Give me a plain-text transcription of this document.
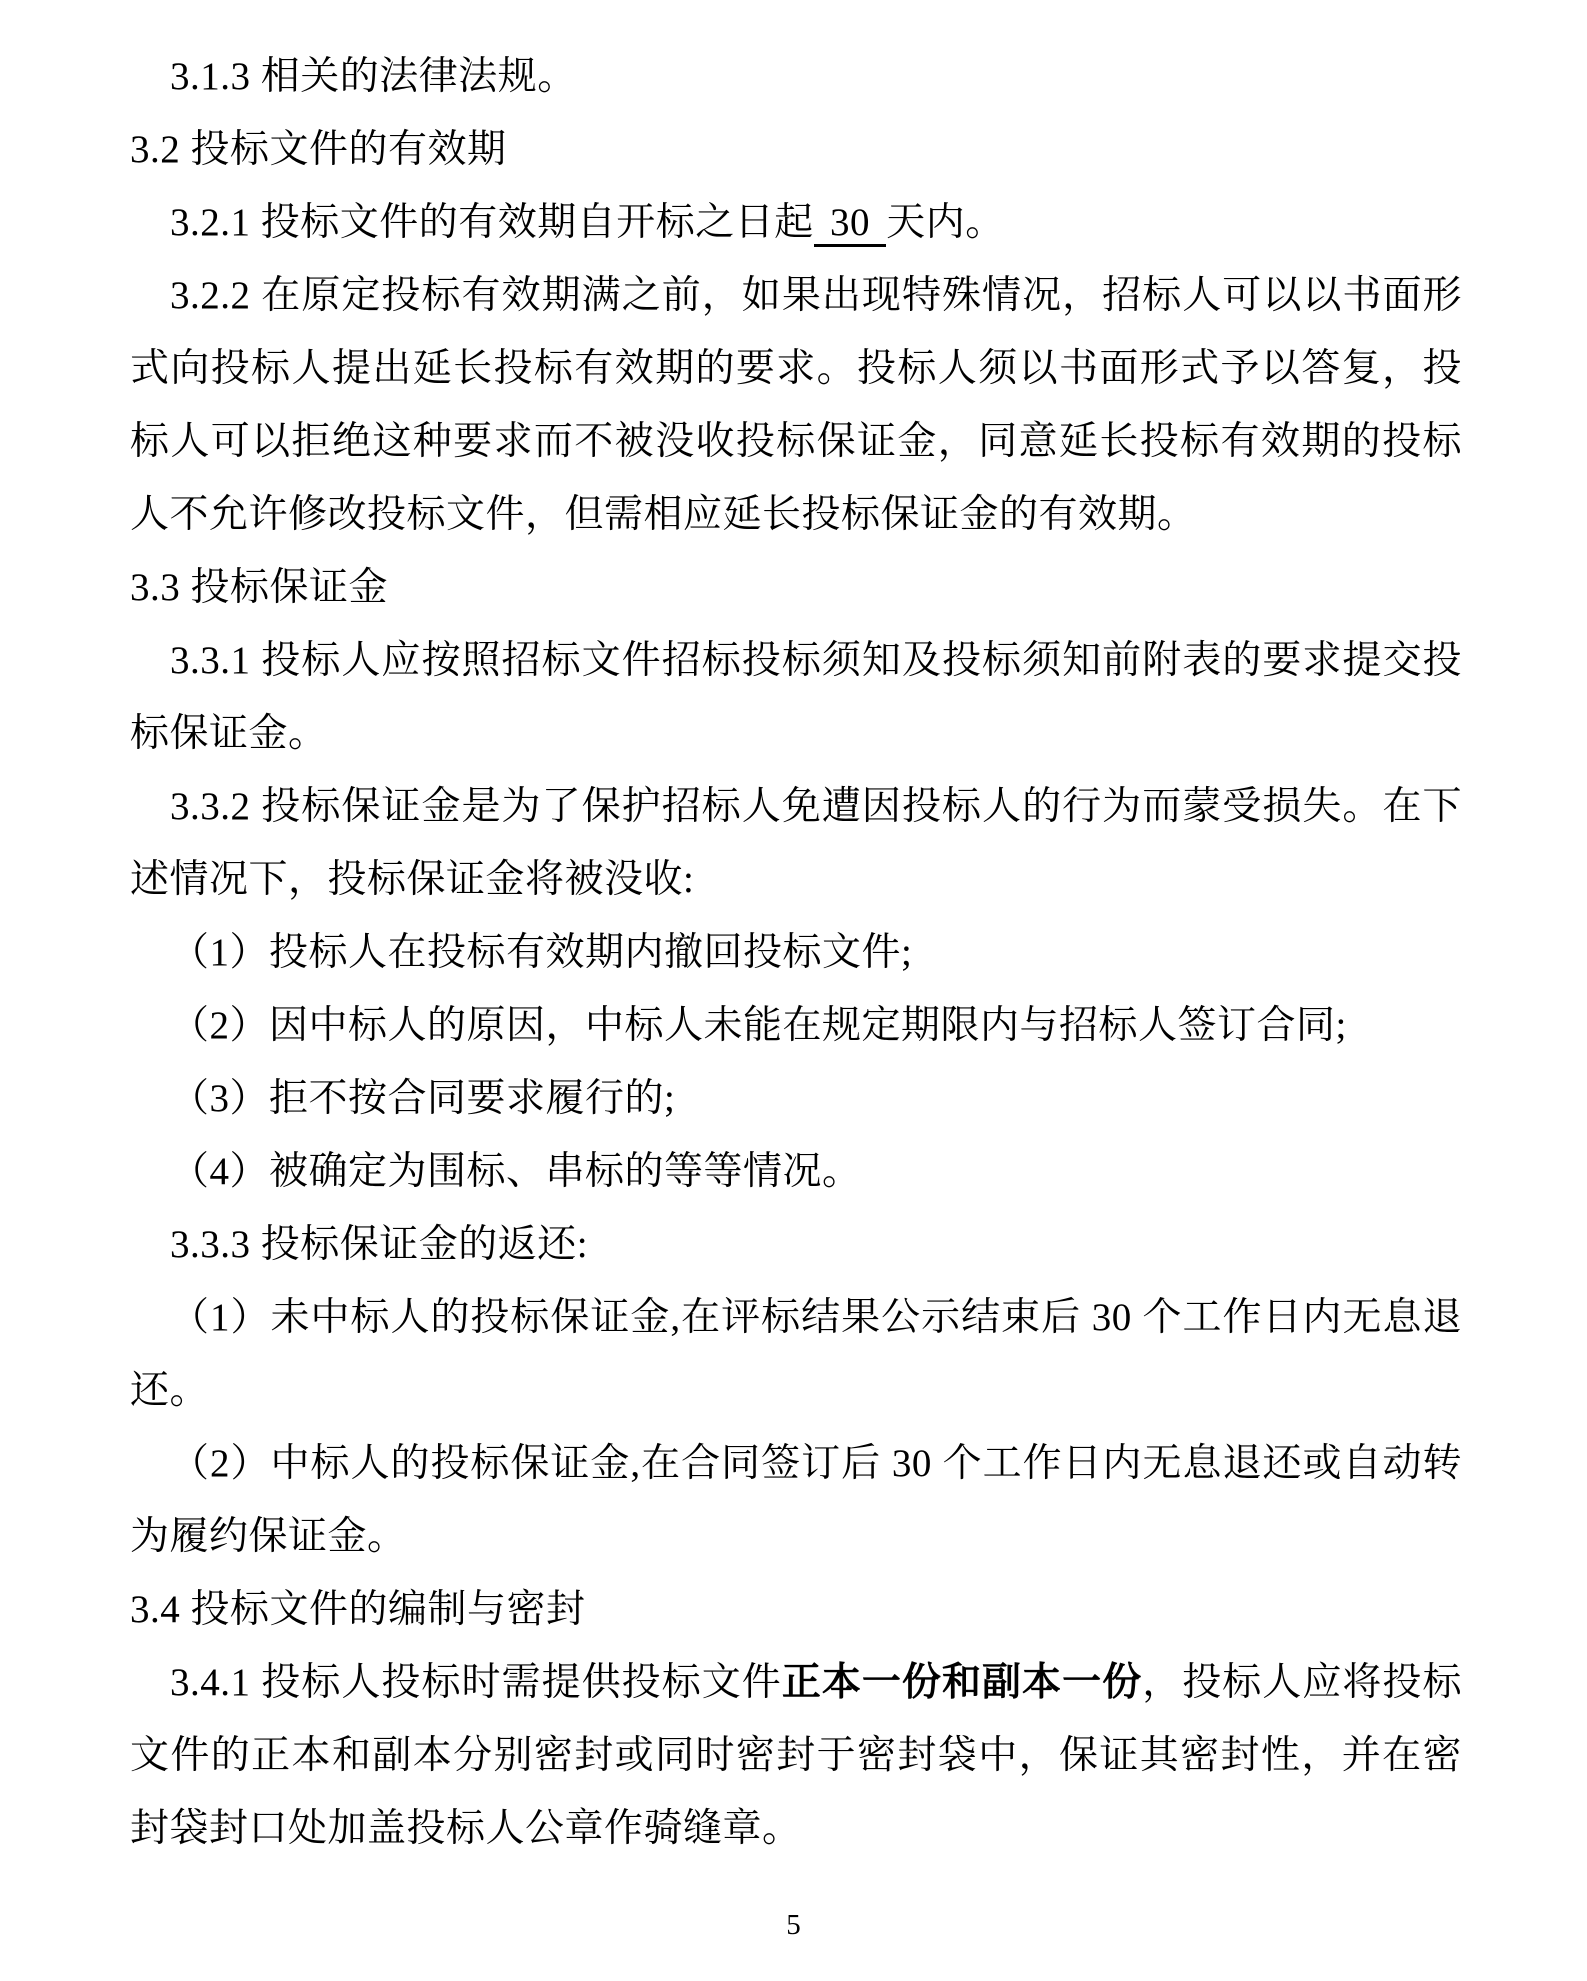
3.1.3 相关的法律法规。

3.2 投标文件的有效期

3.2.1 投标文件的有效期自开标之日起 30 天内。

3.2.2 在原定投标有效期满之前，如果出现特殊情况，招标人可以以书面形式向投标人提出延长投标有效期的要求。投标人须以书面形式予以答复，投标人可以拒绝这种要求而不被没收投标保证金，同意延长投标有效期的投标人不允许修改投标文件，但需相应延长投标保证金的有效期。

3.3 投标保证金

3.3.1 投标人应按照招标文件招标投标须知及投标须知前附表的要求提交投标保证金。

3.3.2 投标保证金是为了保护招标人免遭因投标人的行为而蒙受损失。在下述情况下，投标保证金将被没收:

（1）投标人在投标有效期内撤回投标文件;

（2）因中标人的原因，中标人未能在规定期限内与招标人签订合同;

（3）拒不按合同要求履行的;

（4）被确定为围标、串标的等等情况。

3.3.3 投标保证金的返还:

（1）未中标人的投标保证金,在评标结果公示结束后 30 个工作日内无息退还。

（2）中标人的投标保证金,在合同签订后 30 个工作日内无息退还或自动转为履约保证金。

3.4 投标文件的编制与密封

3.4.1 投标人投标时需提供投标文件正本一份和副本一份，投标人应将投标文件的正本和副本分别密封或同时密封于密封袋中，保证其密封性，并在密封袋封口处加盖投标人公章作骑缝章。

5
